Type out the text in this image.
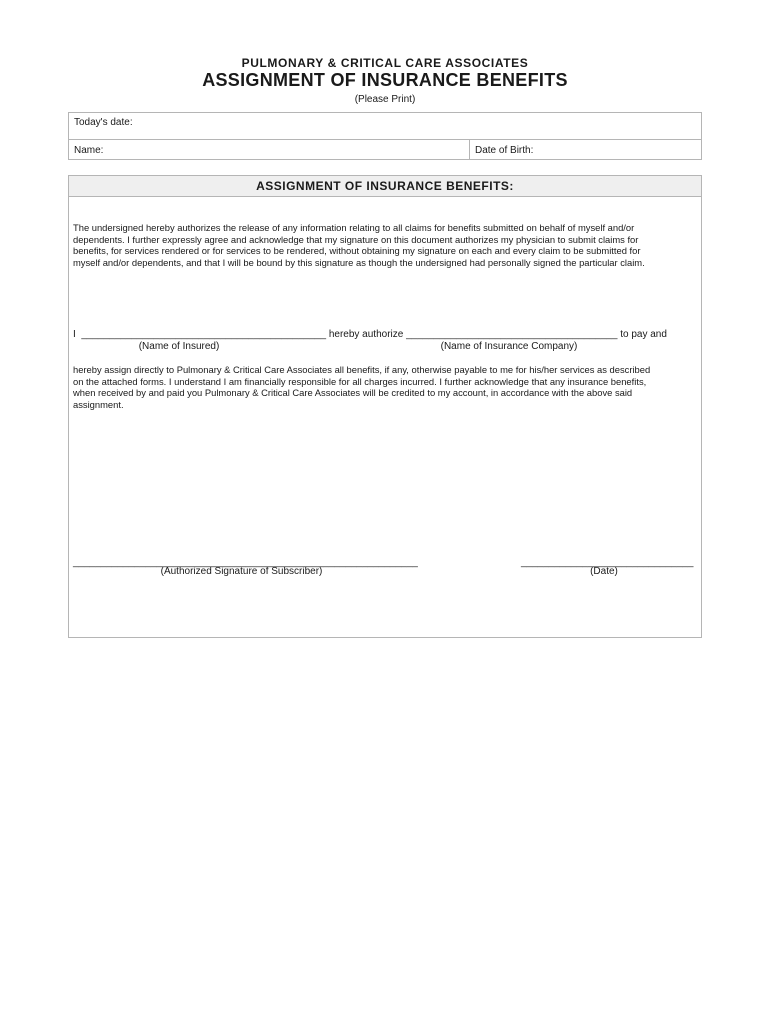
PULMONARY & CRITICAL CARE ASSOCIATES
ASSIGNMENT OF INSURANCE BENEFITS
(Please Print)
Today's date:
Name:	Date of Birth:
ASSIGNMENT OF INSURANCE BENEFITS:
The undersigned hereby authorizes the release of any information relating to all claims for benefits submitted on behalf of myself and/or
dependents. I further expressly agree and acknowledge that my signature on this document authorizes my physician to submit claims for
benefits, for services rendered or for services to be rendered, without obtaining my signature on each and every claim to be submitted for
myself and/or dependents, and that I will be bound by this signature as though the undersigned had personally signed the particular claim.
I  ____________________________________________ hereby authorize ______________________________________ to pay and
(Name of Insured)	(Name of Insurance Company)
hereby assign directly to Pulmonary & Critical Care Associates all benefits, if any, otherwise payable to me for his/her services as described
on the attached forms. I understand I am financially responsible for all charges incurred. I further acknowledge that any insurance benefits,
when received by and paid you Pulmonary & Critical Care Associates will be credited to my account, in accordance with the above said
assignment.
______________________________________________________________	_______________________________
(Authorized Signature of Subscriber)	(Date)
